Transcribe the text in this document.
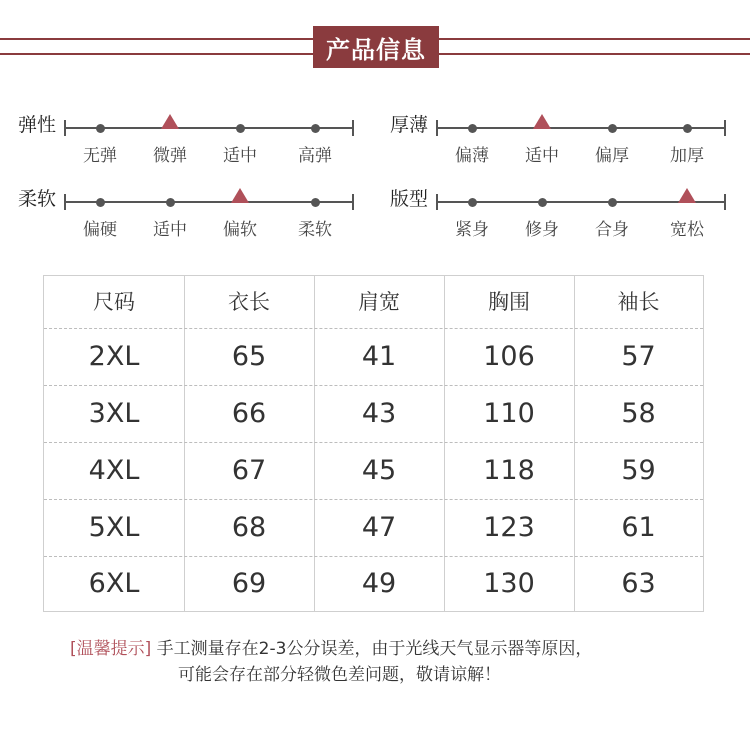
产品信息
弹性
无弹	微弹	适中	高弹
厚薄
偏薄	适中	偏厚	加厚
柔软
偏硬	适中	偏软	柔软
版型
紧身	修身	合身	宽松
尺码	衣长	肩宽	胸围	袖长
2XL	65	41	106	57
3XL	66	43	110	58
4XL	67	45	118	59
5XL	68	47	123	61
6XL	69	49	130	63
[温馨提示] 手工测量存在2-3公分误差，由于光线天气显示器等原因，
可能会存在部分轻微色差问题，敬请谅解！
